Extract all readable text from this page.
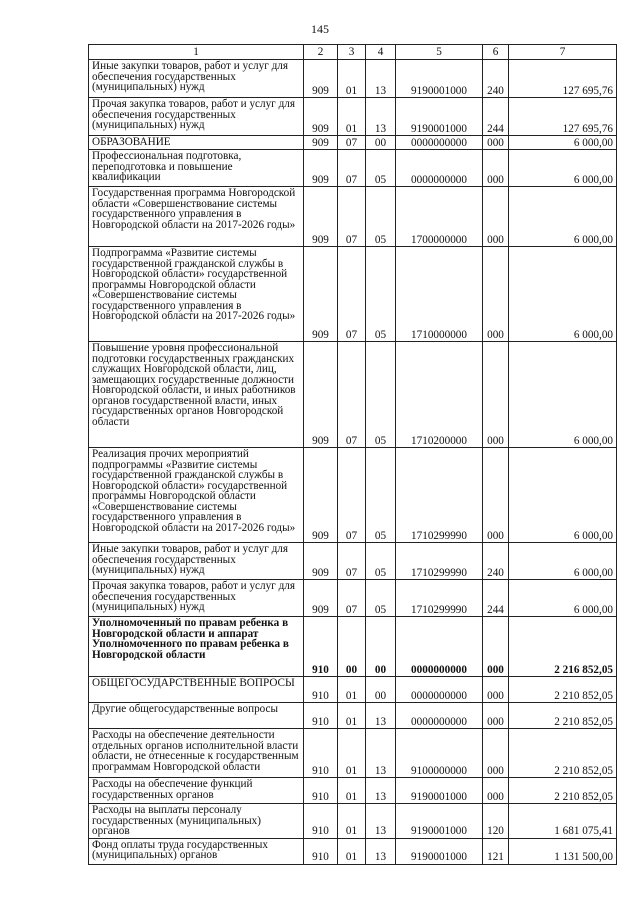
145
1	2	3	4	5	6	7
Иные закупки товаров, работ и услуг для обеспечения государственных (муниципальных) нужд	909	01	13	9190001000	240	127 695,76
Прочая закупка товаров, работ и услуг для обеспечения государственных (муниципальных) нужд	909	01	13	9190001000	244	127 695,76
ОБРАЗОВАНИЕ	909	07	00	0000000000	000	6 000,00
Профессиональная подготовка, переподготовка и повышение квалификации	909	07	05	0000000000	000	6 000,00
Государственная программа Новгородской области «Совершенствование системы государственного управления в Новгородской области на 2017-2026 годы»	909	07	05	1700000000	000	6 000,00
Подпрограмма «Развитие системы государственной гражданской службы в Новгородской области» государственной программы Новгородской области «Совершенствование системы государственного управления в Новгородской области на 2017-2026 годы»	909	07	05	1710000000	000	6 000,00
Повышение уровня профессиональной подготовки государственных гражданских служащих Новгородской области, лиц, замещающих государственные должности Новгородской области, и иных работников органов государственной власти, иных государственных органов Новгородской области	909	07	05	1710200000	000	6 000,00
Реализация прочих мероприятий подпрограммы «Развитие системы государственной гражданской службы в Новгородской области» государственной программы Новгородской области «Совершенствование системы государственного управления в Новгородской области на 2017-2026 годы»	909	07	05	1710299990	000	6 000,00
Иные закупки товаров, работ и услуг для обеспечения государственных (муниципальных) нужд	909	07	05	1710299990	240	6 000,00
Прочая закупка товаров, работ и услуг для обеспечения государственных (муниципальных) нужд	909	07	05	1710299990	244	6 000,00
Уполномоченный по правам ребенка в Новгородской области и аппарат Уполномоченного по правам ребенка в Новгородской области	910	00	00	0000000000	000	2 216 852,05
ОБЩЕГОСУДАРСТВЕННЫЕ ВОПРОСЫ	910	01	00	0000000000	000	2 210 852,05
Другие общегосударственные вопросы	910	01	13	0000000000	000	2 210 852,05
Расходы на обеспечение деятельности отдельных органов исполнительной власти области, не отнесенные к государственным программам Новгородской области	910	01	13	9100000000	000	2 210 852,05
Расходы на обеспечение функций государственных органов	910	01	13	9190001000	000	2 210 852,05
Расходы на выплаты персоналу государственных (муниципальных) органов	910	01	13	9190001000	120	1 681 075,41
Фонд оплаты труда государственных (муниципальных) органов	910	01	13	9190001000	121	1 131 500,00
